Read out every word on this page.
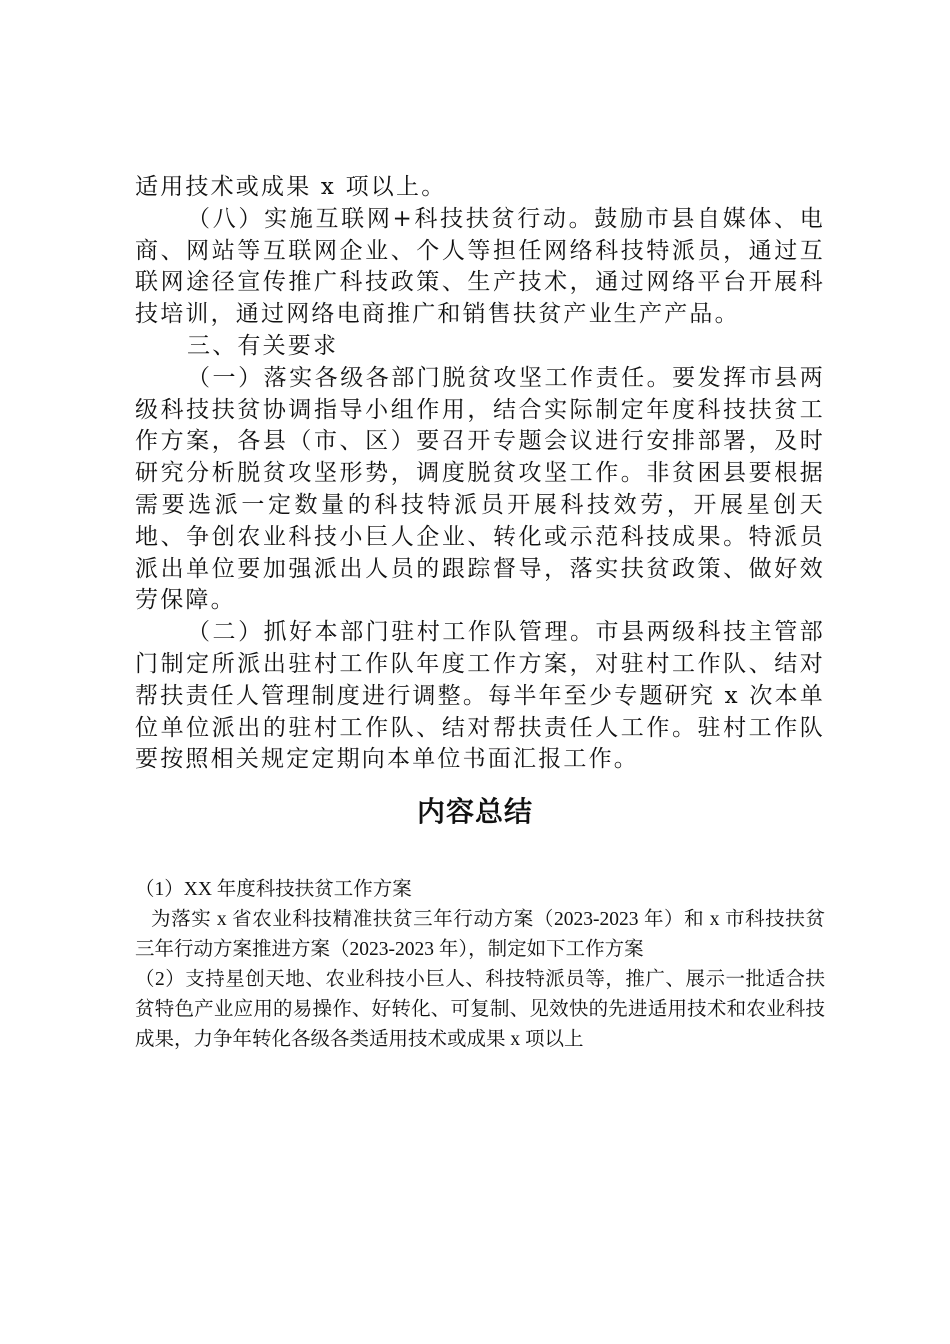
适用技术或成果 x 项以上。

（八）实施互联网+科技扶贫行动。鼓励市县自媒体、电商、网站等互联网企业、个人等担任网络科技特派员，通过互联网途径宣传推广科技政策、生产技术，通过网络平台开展科技培训，通过网络电商推广和销售扶贫产业生产产品。

三、有关要求

（一）落实各级各部门脱贫攻坚工作责任。要发挥市县两级科技扶贫协调指导小组作用，结合实际制定年度科技扶贫工作方案，各县（市、区）要召开专题会议进行安排部署，及时研究分析脱贫攻坚形势，调度脱贫攻坚工作。非贫困县要根据需要选派一定数量的科技特派员开展科技效劳，开展星创天地、争创农业科技小巨人企业、转化或示范科技成果。特派员派出单位要加强派出人员的跟踪督导，落实扶贫政策、做好效劳保障。

（二）抓好本部门驻村工作队管理。市县两级科技主管部门制定所派出驻村工作队年度工作方案，对驻村工作队、结对帮扶责任人管理制度进行调整。每半年至少专题研究 x 次本单位单位派出的驻村工作队、结对帮扶责任人工作。驻村工作队要按照相关规定定期向本单位书面汇报工作。

内容总结

（1）XX 年度科技扶贫工作方案

为落实 x 省农业科技精准扶贫三年行动方案（2023-2023 年）和 x 市科技扶贫三年行动方案推进方案（2023-2023 年），制定如下工作方案

（2）支持星创天地、农业科技小巨人、科技特派员等，推广、展示一批适合扶贫特色产业应用的易操作、好转化、可复制、见效快的先进适用技术和农业科技成果，力争年转化各级各类适用技术或成果 x 项以上
